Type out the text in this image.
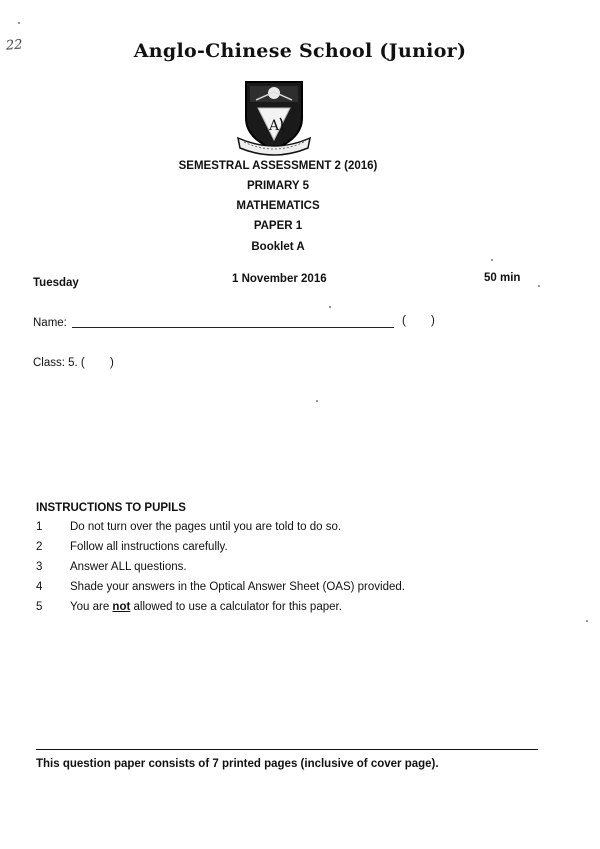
22	Anglo-Chinese School (Junior)
A
SEMESTRAL ASSESSMENT 2 (2016)
PRIMARY 5
MATHEMATICS
PAPER 1
Booklet A
Tuesday	1 November 2016	50 min
Name:	( )
Class: 5. ( )
INSTRUCTIONS TO PUPILS
1 Do not turn over the pages until you are told to do so.
2 Follow all instructions carefully.
3 Answer ALL questions.
4 Shade your answers in the Optical Answer Sheet (OAS) provided.
5 You are not allowed to use a calculator for this paper.
This question paper consists of 7 printed pages (inclusive of cover page).
